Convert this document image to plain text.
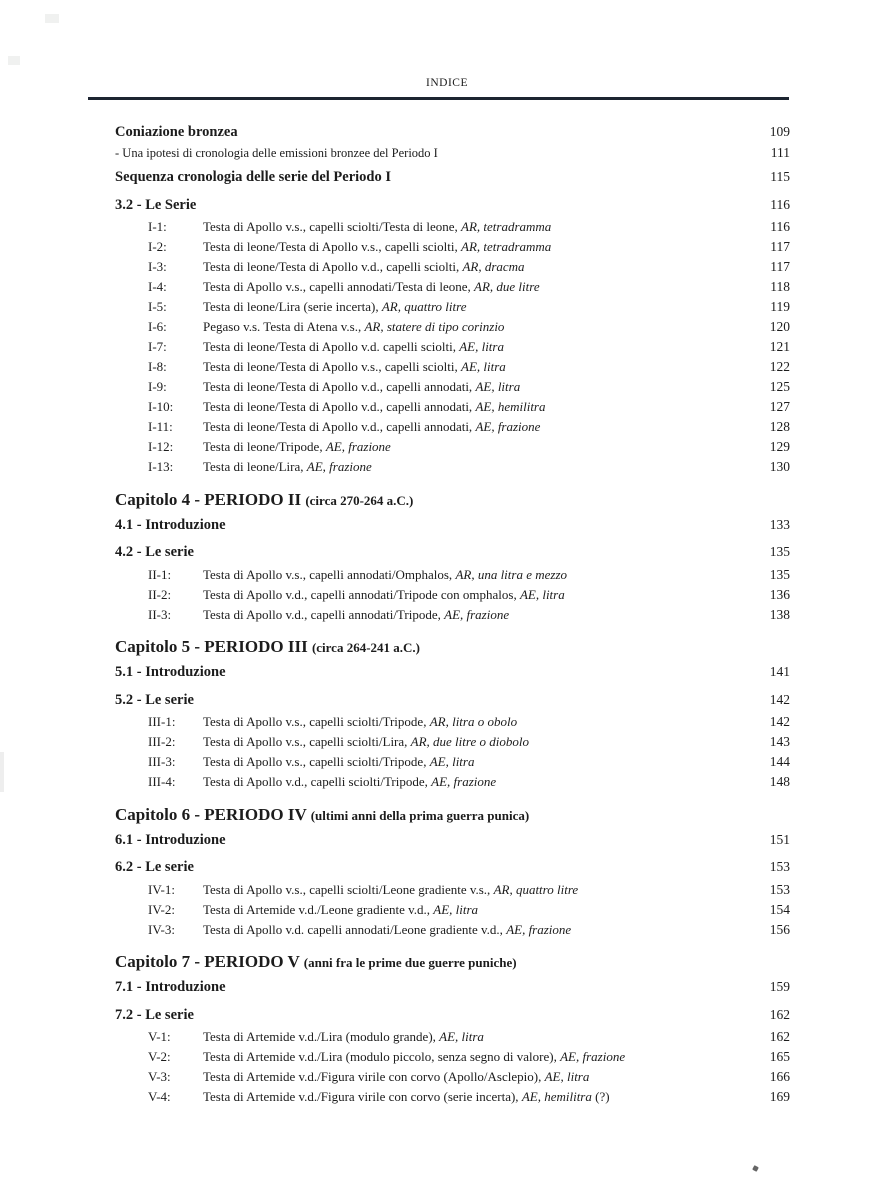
INDICE
Coniazione bronzea	109
- Una ipotesi di cronologia delle emissioni bronzee del Periodo I	111
Sequenza cronologia delle serie del Periodo I	115
3.2 - Le Serie	116
I-1:	Testa di Apollo v.s., capelli sciolti/Testa di leone, AR, tetradramma	116
I-2:	Testa di leone/Testa di Apollo v.s., capelli sciolti, AR, tetradramma	117
I-3:	Testa di leone/Testa di Apollo v.d., capelli sciolti, AR, dracma	117
I-4:	Testa di Apollo v.s., capelli annodati/Testa di leone, AR, due litre	118
I-5:	Testa di leone/Lira (serie incerta), AR, quattro litre	119
I-6:	Pegaso v.s. Testa di Atena v.s., AR, statere di tipo corinzio	120
I-7:	Testa di leone/Testa di Apollo v.d. capelli sciolti, AE, litra	121
I-8:	Testa di leone/Testa di Apollo v.s., capelli sciolti, AE, litra	122
I-9:	Testa di leone/Testa di Apollo v.d., capelli annodati, AE, litra	125
I-10:	Testa di leone/Testa di Apollo v.d., capelli annodati, AE, hemilitra	127
I-11:	Testa di leone/Testa di Apollo v.d., capelli annodati, AE, frazione	128
I-12:	Testa di leone/Tripode, AE, frazione	129
I-13:	Testa di leone/Lira, AE, frazione	130
Capitolo 4 - PERIODO II (circa 270-264 a.C.)
4.1 - Introduzione	133
4.2 - Le serie	135
II-1:	Testa di Apollo v.s., capelli annodati/Omphalos, AR, una litra e mezzo	135
II-2:	Testa di Apollo v.d., capelli annodati/Tripode con omphalos, AE, litra	136
II-3:	Testa di Apollo v.d., capelli annodati/Tripode, AE, frazione	138
Capitolo 5 - PERIODO III (circa 264-241 a.C.)
5.1 - Introduzione	141
5.2 - Le serie	142
III-1:	Testa di Apollo v.s., capelli sciolti/Tripode, AR, litra o obolo	142
III-2:	Testa di Apollo v.s., capelli sciolti/Lira, AR, due litre o diobolo	143
III-3:	Testa di Apollo v.s., capelli sciolti/Tripode, AE, litra	144
III-4:	Testa di Apollo v.d., capelli sciolti/Tripode, AE, frazione	148
Capitolo 6 - PERIODO IV (ultimi anni della prima guerra punica)
6.1 - Introduzione	151
6.2 - Le serie	153
IV-1:	Testa di Apollo v.s., capelli sciolti/Leone gradiente v.s., AR, quattro litre	153
IV-2:	Testa di Artemide v.d./Leone gradiente v.d., AE, litra	154
IV-3:	Testa di Apollo v.d. capelli annodati/Leone gradiente v.d., AE, frazione	156
Capitolo 7 - PERIODO V (anni fra le prime due guerre puniche)
7.1 - Introduzione	159
7.2 - Le serie	162
V-1:	Testa di Artemide v.d./Lira (modulo grande), AE, litra	162
V-2:	Testa di Artemide v.d./Lira (modulo piccolo, senza segno di valore), AE, frazione	165
V-3:	Testa di Artemide v.d./Figura virile con corvo (Apollo/Asclepio), AE, litra	166
V-4:	Testa di Artemide v.d./Figura virile con corvo (serie incerta), AE, hemilitra (?)	169
